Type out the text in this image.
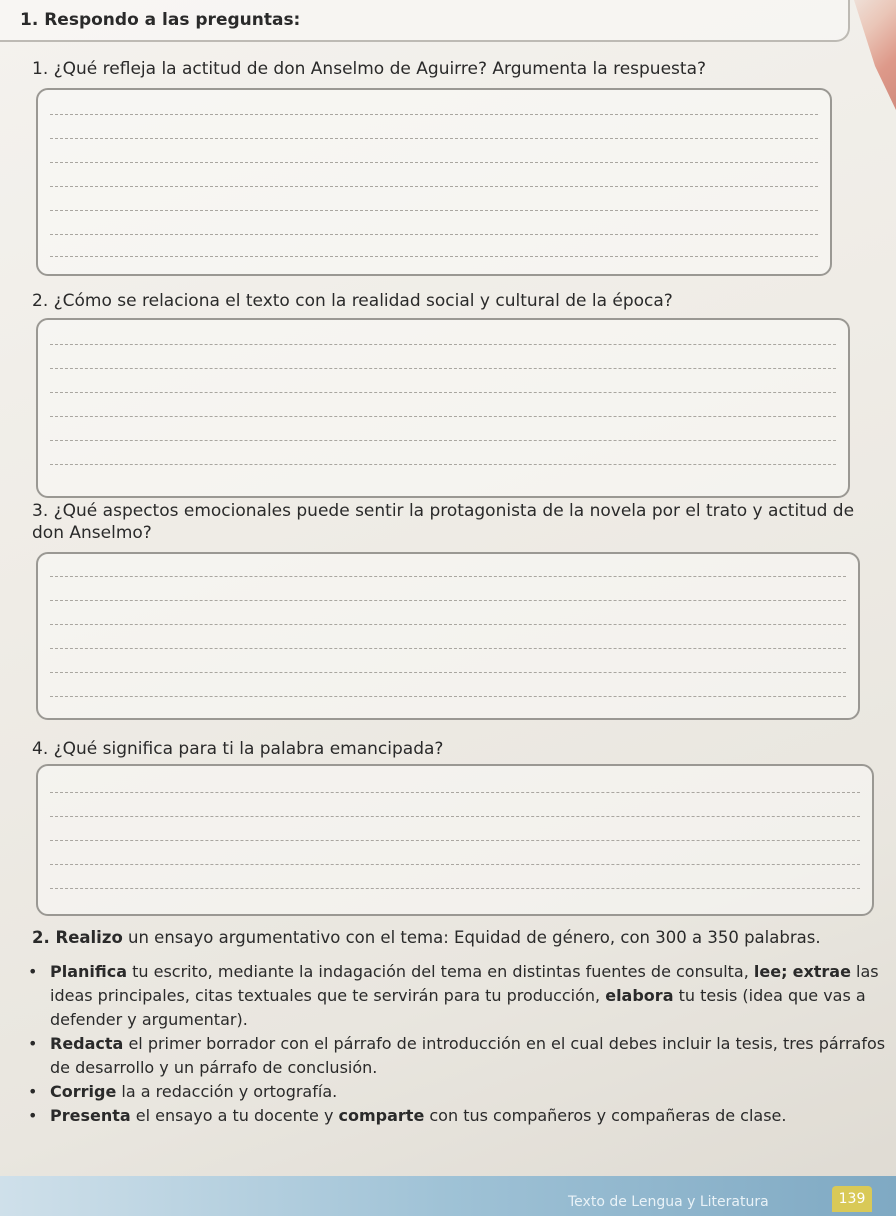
1. Respondo a las preguntas:
1. ¿Qué refleja la actitud de don Anselmo de Aguirre? Argumenta la respuesta?
2. ¿Cómo se relaciona el texto con la realidad social y cultural de la época?
3. ¿Qué aspectos emocionales puede sentir la protagonista de la novela por el trato y actitud de don Anselmo?
4. ¿Qué significa para ti la palabra emancipada?
2. Realizo un ensayo argumentativo con el tema: Equidad de género, con 300 a 350 palabras.
• Planifica tu escrito, mediante la indagación del tema en distintas fuentes de consulta, lee; extrae las ideas principales, citas textuales que te servirán para tu producción, elabora tu tesis (idea que vas a defender y argumentar).
• Redacta el primer borrador con el párrafo de introducción en el cual debes incluir la tesis, tres párrafos de desarrollo y un párrafo de conclusión.
• Corrige la a redacción y ortografía.
• Presenta el ensayo a tu docente y comparte con tus compañeros y compañeras de clase.
Texto de Lengua y Literatura	139
